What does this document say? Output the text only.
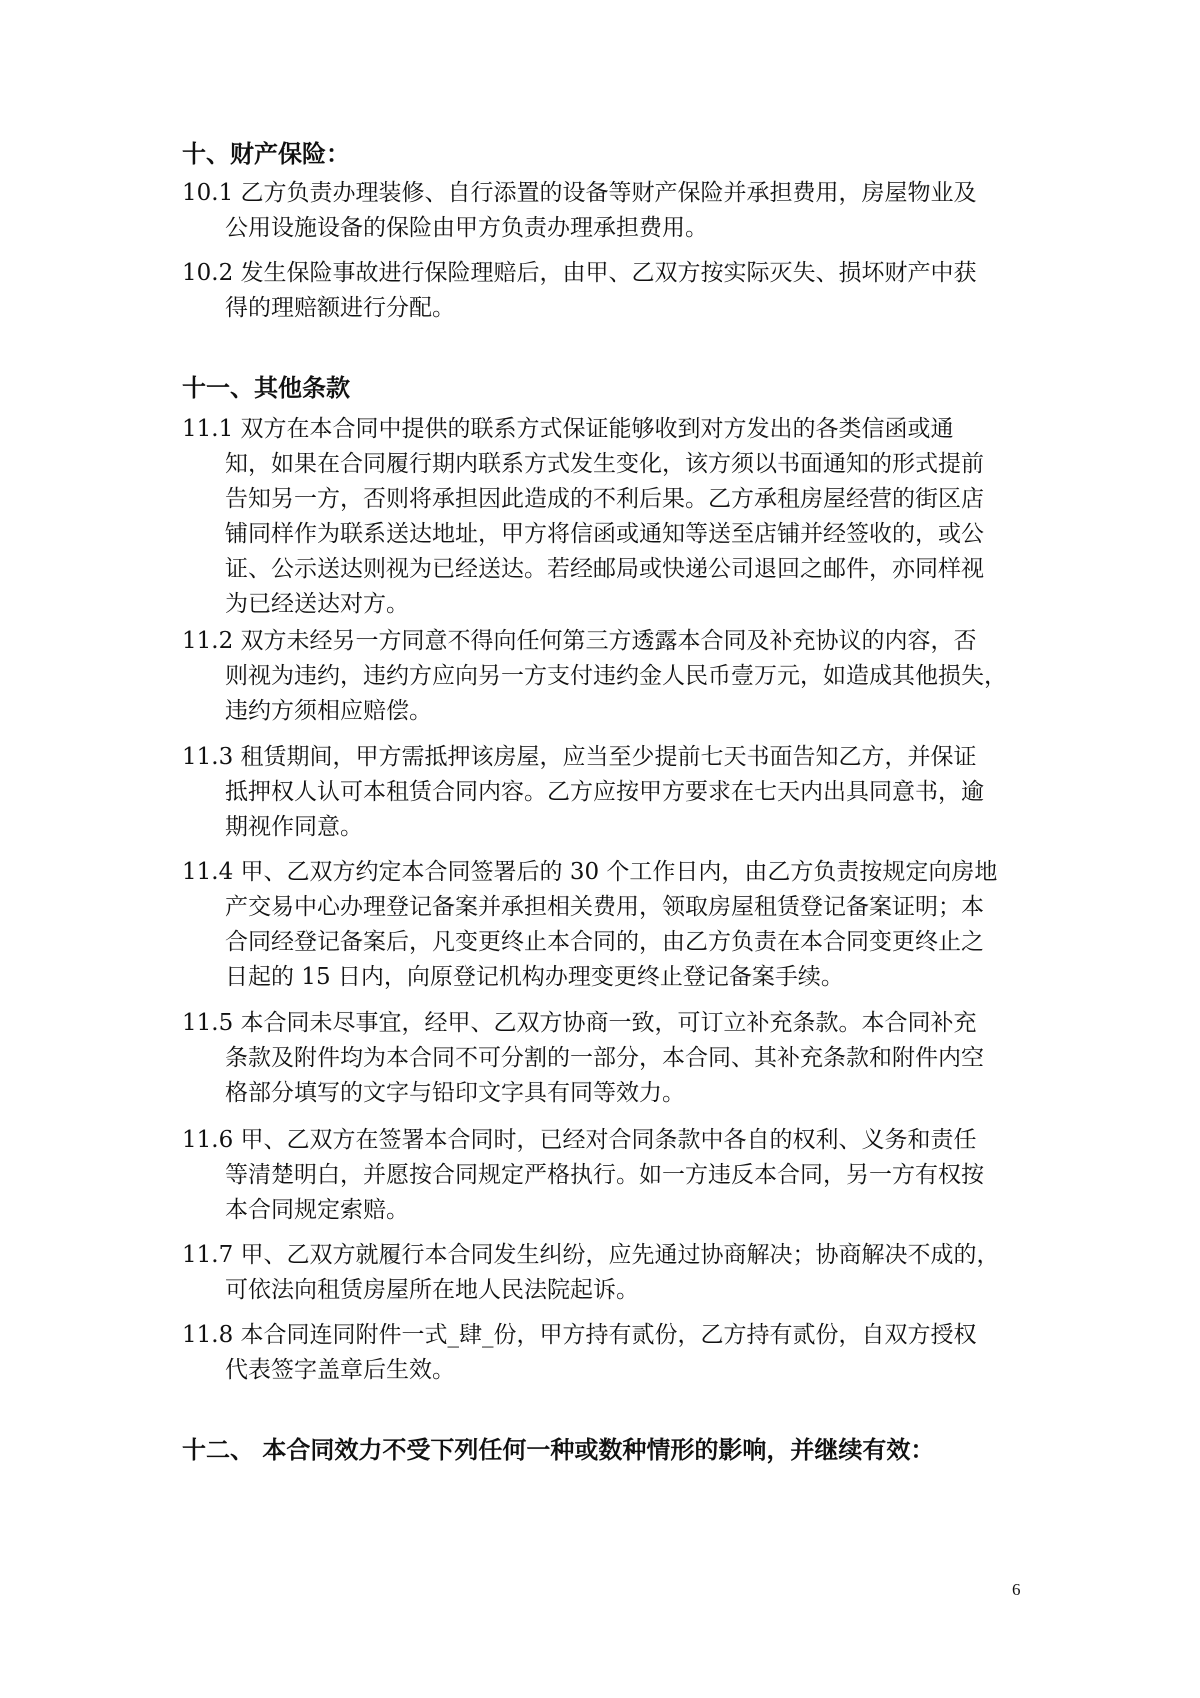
十、财产保险：
10.1 乙方负责办理装修、自行添置的设备等财产保险并承担费用，房屋物业及
公用设施设备的保险由甲方负责办理承担费用。
10.2 发生保险事故进行保险理赔后，由甲、乙双方按实际灭失、损坏财产中获
得的理赔额进行分配。
十一、其他条款
11.1 双方在本合同中提供的联系方式保证能够收到对方发出的各类信函或通
知，如果在合同履行期内联系方式发生变化，该方须以书面通知的形式提前
告知另一方，否则将承担因此造成的不利后果。乙方承租房屋经营的街区店
铺同样作为联系送达地址，甲方将信函或通知等送至店铺并经签收的，或公
证、公示送达则视为已经送达。若经邮局或快递公司退回之邮件，亦同样视
为已经送达对方。
11.2 双方未经另一方同意不得向任何第三方透露本合同及补充协议的内容，否
则视为违约，违约方应向另一方支付违约金人民币壹万元，如造成其他损失，
违约方须相应赔偿。
11.3 租赁期间，甲方需抵押该房屋，应当至少提前七天书面告知乙方，并保证
抵押权人认可本租赁合同内容。乙方应按甲方要求在七天内出具同意书，逾
期视作同意。
11.4 甲、乙双方约定本合同签署后的 30 个工作日内，由乙方负责按规定向房地
产交易中心办理登记备案并承担相关费用，领取房屋租赁登记备案证明；本
合同经登记备案后，凡变更终止本合同的，由乙方负责在本合同变更终止之
日起的 15 日内，向原登记机构办理变更终止登记备案手续。
11.5 本合同未尽事宜，经甲、乙双方协商一致，可订立补充条款。本合同补充
条款及附件均为本合同不可分割的一部分，本合同、其补充条款和附件内空
格部分填写的文字与铅印文字具有同等效力。
11.6 甲、乙双方在签署本合同时，已经对合同条款中各自的权利、义务和责任
等清楚明白，并愿按合同规定严格执行。如一方违反本合同，另一方有权按
本合同规定索赔。
11.7 甲、乙双方就履行本合同发生纠纷，应先通过协商解决；协商解决不成的，
可依法向租赁房屋所在地人民法院起诉。
11.8 本合同连同附件一式_肆_份，甲方持有贰份，乙方持有贰份，自双方授权
代表签字盖章后生效。
十二、 本合同效力不受下列任何一种或数种情形的影响，并继续有效：
6
